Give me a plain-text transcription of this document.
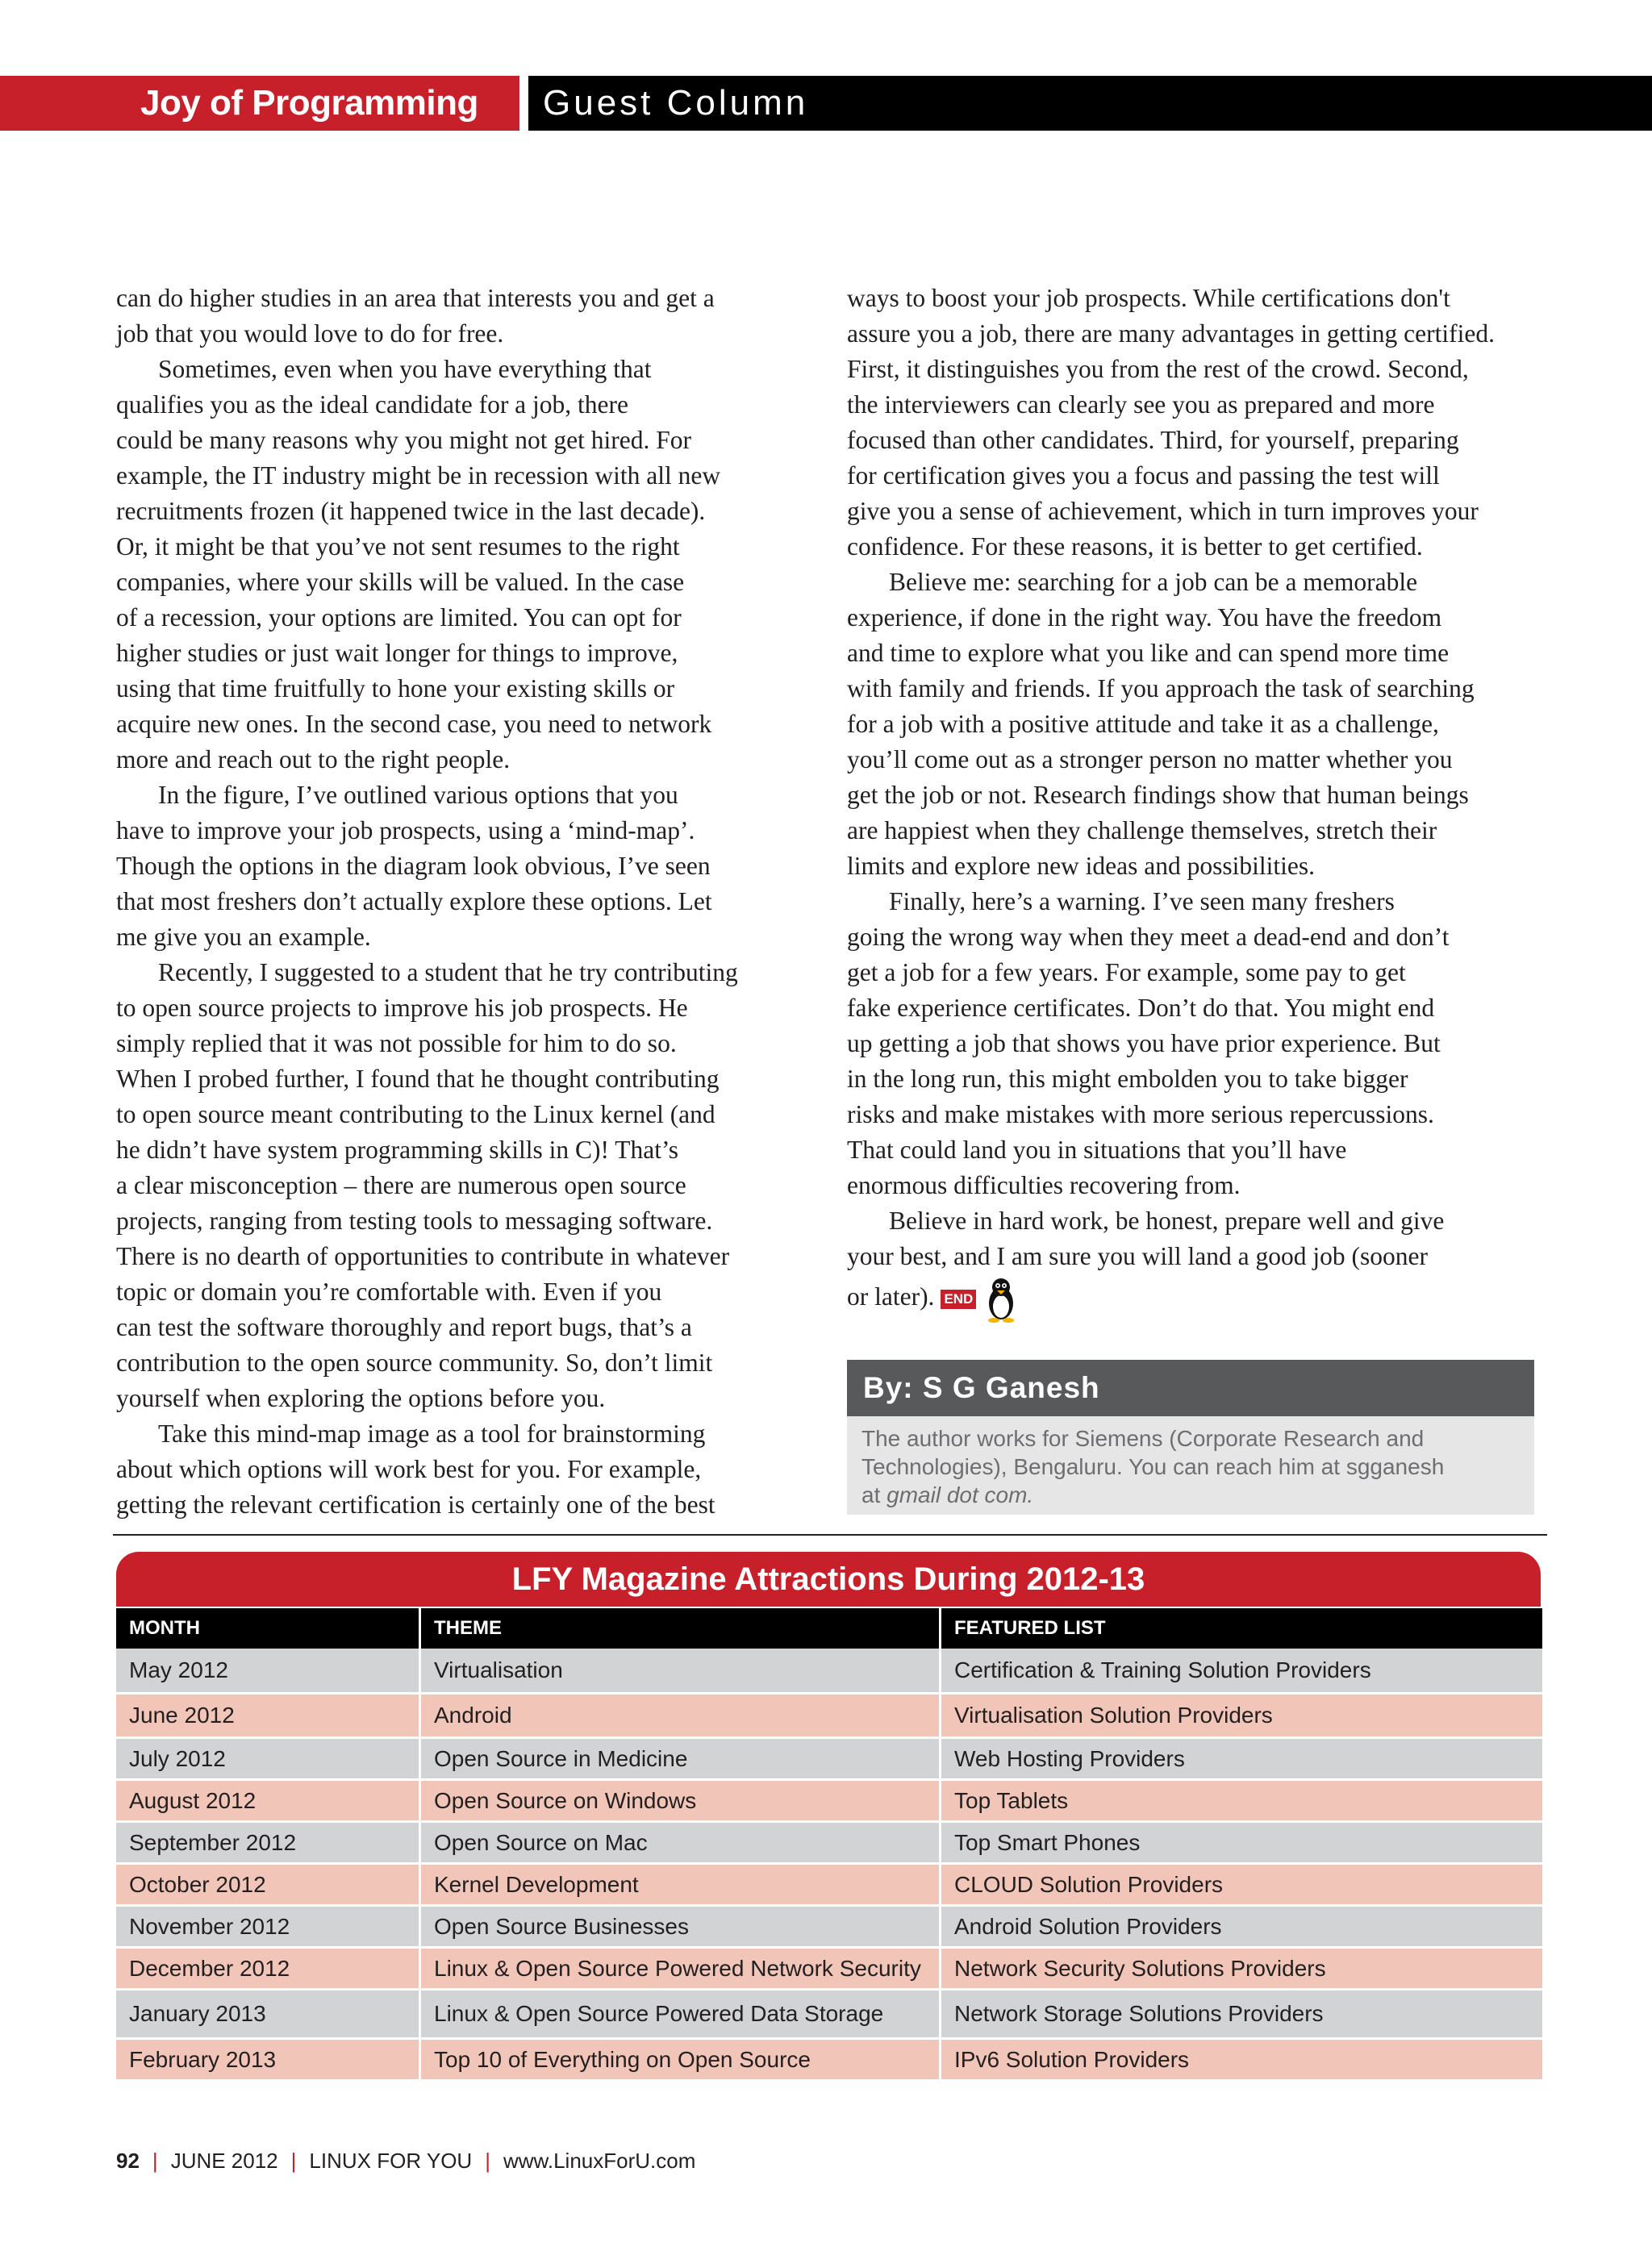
Joy of Programming	Guest Column
can do higher studies in an area that interests you and get a
job that you would love to do for free.
Sometimes, even when you have everything that
qualifies you as the ideal candidate for a job, there
could be many reasons why you might not get hired. For
example, the IT industry might be in recession with all new
recruitments frozen (it happened twice in the last decade).
Or, it might be that you’ve not sent resumes to the right
companies, where your skills will be valued. In the case
of a recession, your options are limited. You can opt for
higher studies or just wait longer for things to improve,
using that time fruitfully to hone your existing skills or
acquire new ones. In the second case, you need to network
more and reach out to the right people.
In the figure, I’ve outlined various options that you
have to improve your job prospects, using a ‘mind-map’.
Though the options in the diagram look obvious, I’ve seen
that most freshers don’t actually explore these options. Let
me give you an example.
Recently, I suggested to a student that he try contributing
to open source projects to improve his job prospects. He
simply replied that it was not possible for him to do so.
When I probed further, I found that he thought contributing
to open source meant contributing to the Linux kernel (and
he didn’t have system programming skills in C)! That’s
a clear misconception – there are numerous open source
projects, ranging from testing tools to messaging software.
There is no dearth of opportunities to contribute in whatever
topic or domain you’re comfortable with. Even if you
can test the software thoroughly and report bugs, that’s a
contribution to the open source community. So, don’t limit
yourself when exploring the options before you.
Take this mind-map image as a tool for brainstorming
about which options will work best for you. For example,
getting the relevant certification is certainly one of the best
ways to boost your job prospects. While certifications don't
assure you a job, there are many advantages in getting certified.
First, it distinguishes you from the rest of the crowd. Second,
the interviewers can clearly see you as prepared and more
focused than other candidates. Third, for yourself, preparing
for certification gives you a focus and passing the test will
give you a sense of achievement, which in turn improves your
confidence. For these reasons, it is better to get certified.
Believe me: searching for a job can be a memorable
experience, if done in the right way. You have the freedom
and time to explore what you like and can spend more time
with family and friends. If you approach the task of searching
for a job with a positive attitude and take it as a challenge,
you’ll come out as a stronger person no matter whether you
get the job or not. Research findings show that human beings
are happiest when they challenge themselves, stretch their
limits and explore new ideas and possibilities.
Finally, here’s a warning. I’ve seen many freshers
going the wrong way when they meet a dead-end and don’t
get a job for a few years. For example, some pay to get
fake experience certificates. Don’t do that. You might end
up getting a job that shows you have prior experience. But
in the long run, this might embolden you to take bigger
risks and make mistakes with more serious repercussions.
That could land you in situations that you’ll have
enormous difficulties recovering from.
Believe in hard work, be honest, prepare well and give
your best, and I am sure you will land a good job (sooner
or later). END
By: S G Ganesh
The author works for Siemens (Corporate Research and
Technologies), Bengaluru. You can reach him at sgganesh
at gmail dot com.
LFY Magazine Attractions During 2012-13
MONTH	THEME	FEATURED LIST
May 2012	Virtualisation	Certification & Training Solution Providers
June 2012	Android	Virtualisation Solution Providers
July 2012	Open Source in Medicine	Web Hosting Providers
August 2012	Open Source on Windows	Top Tablets
September 2012	Open Source on Mac	Top Smart Phones
October 2012	Kernel Development	CLOUD Solution Providers
November 2012	Open Source Businesses	Android Solution Providers
December 2012	Linux & Open Source Powered Network Security	Network Security Solutions Providers
January 2013	Linux & Open Source Powered Data Storage	Network Storage Solutions Providers
February 2013	Top 10 of Everything on Open Source	IPv6 Solution Providers
92 | JUNE 2012 | LINUX FOR YOU | www.LinuxForU.com
